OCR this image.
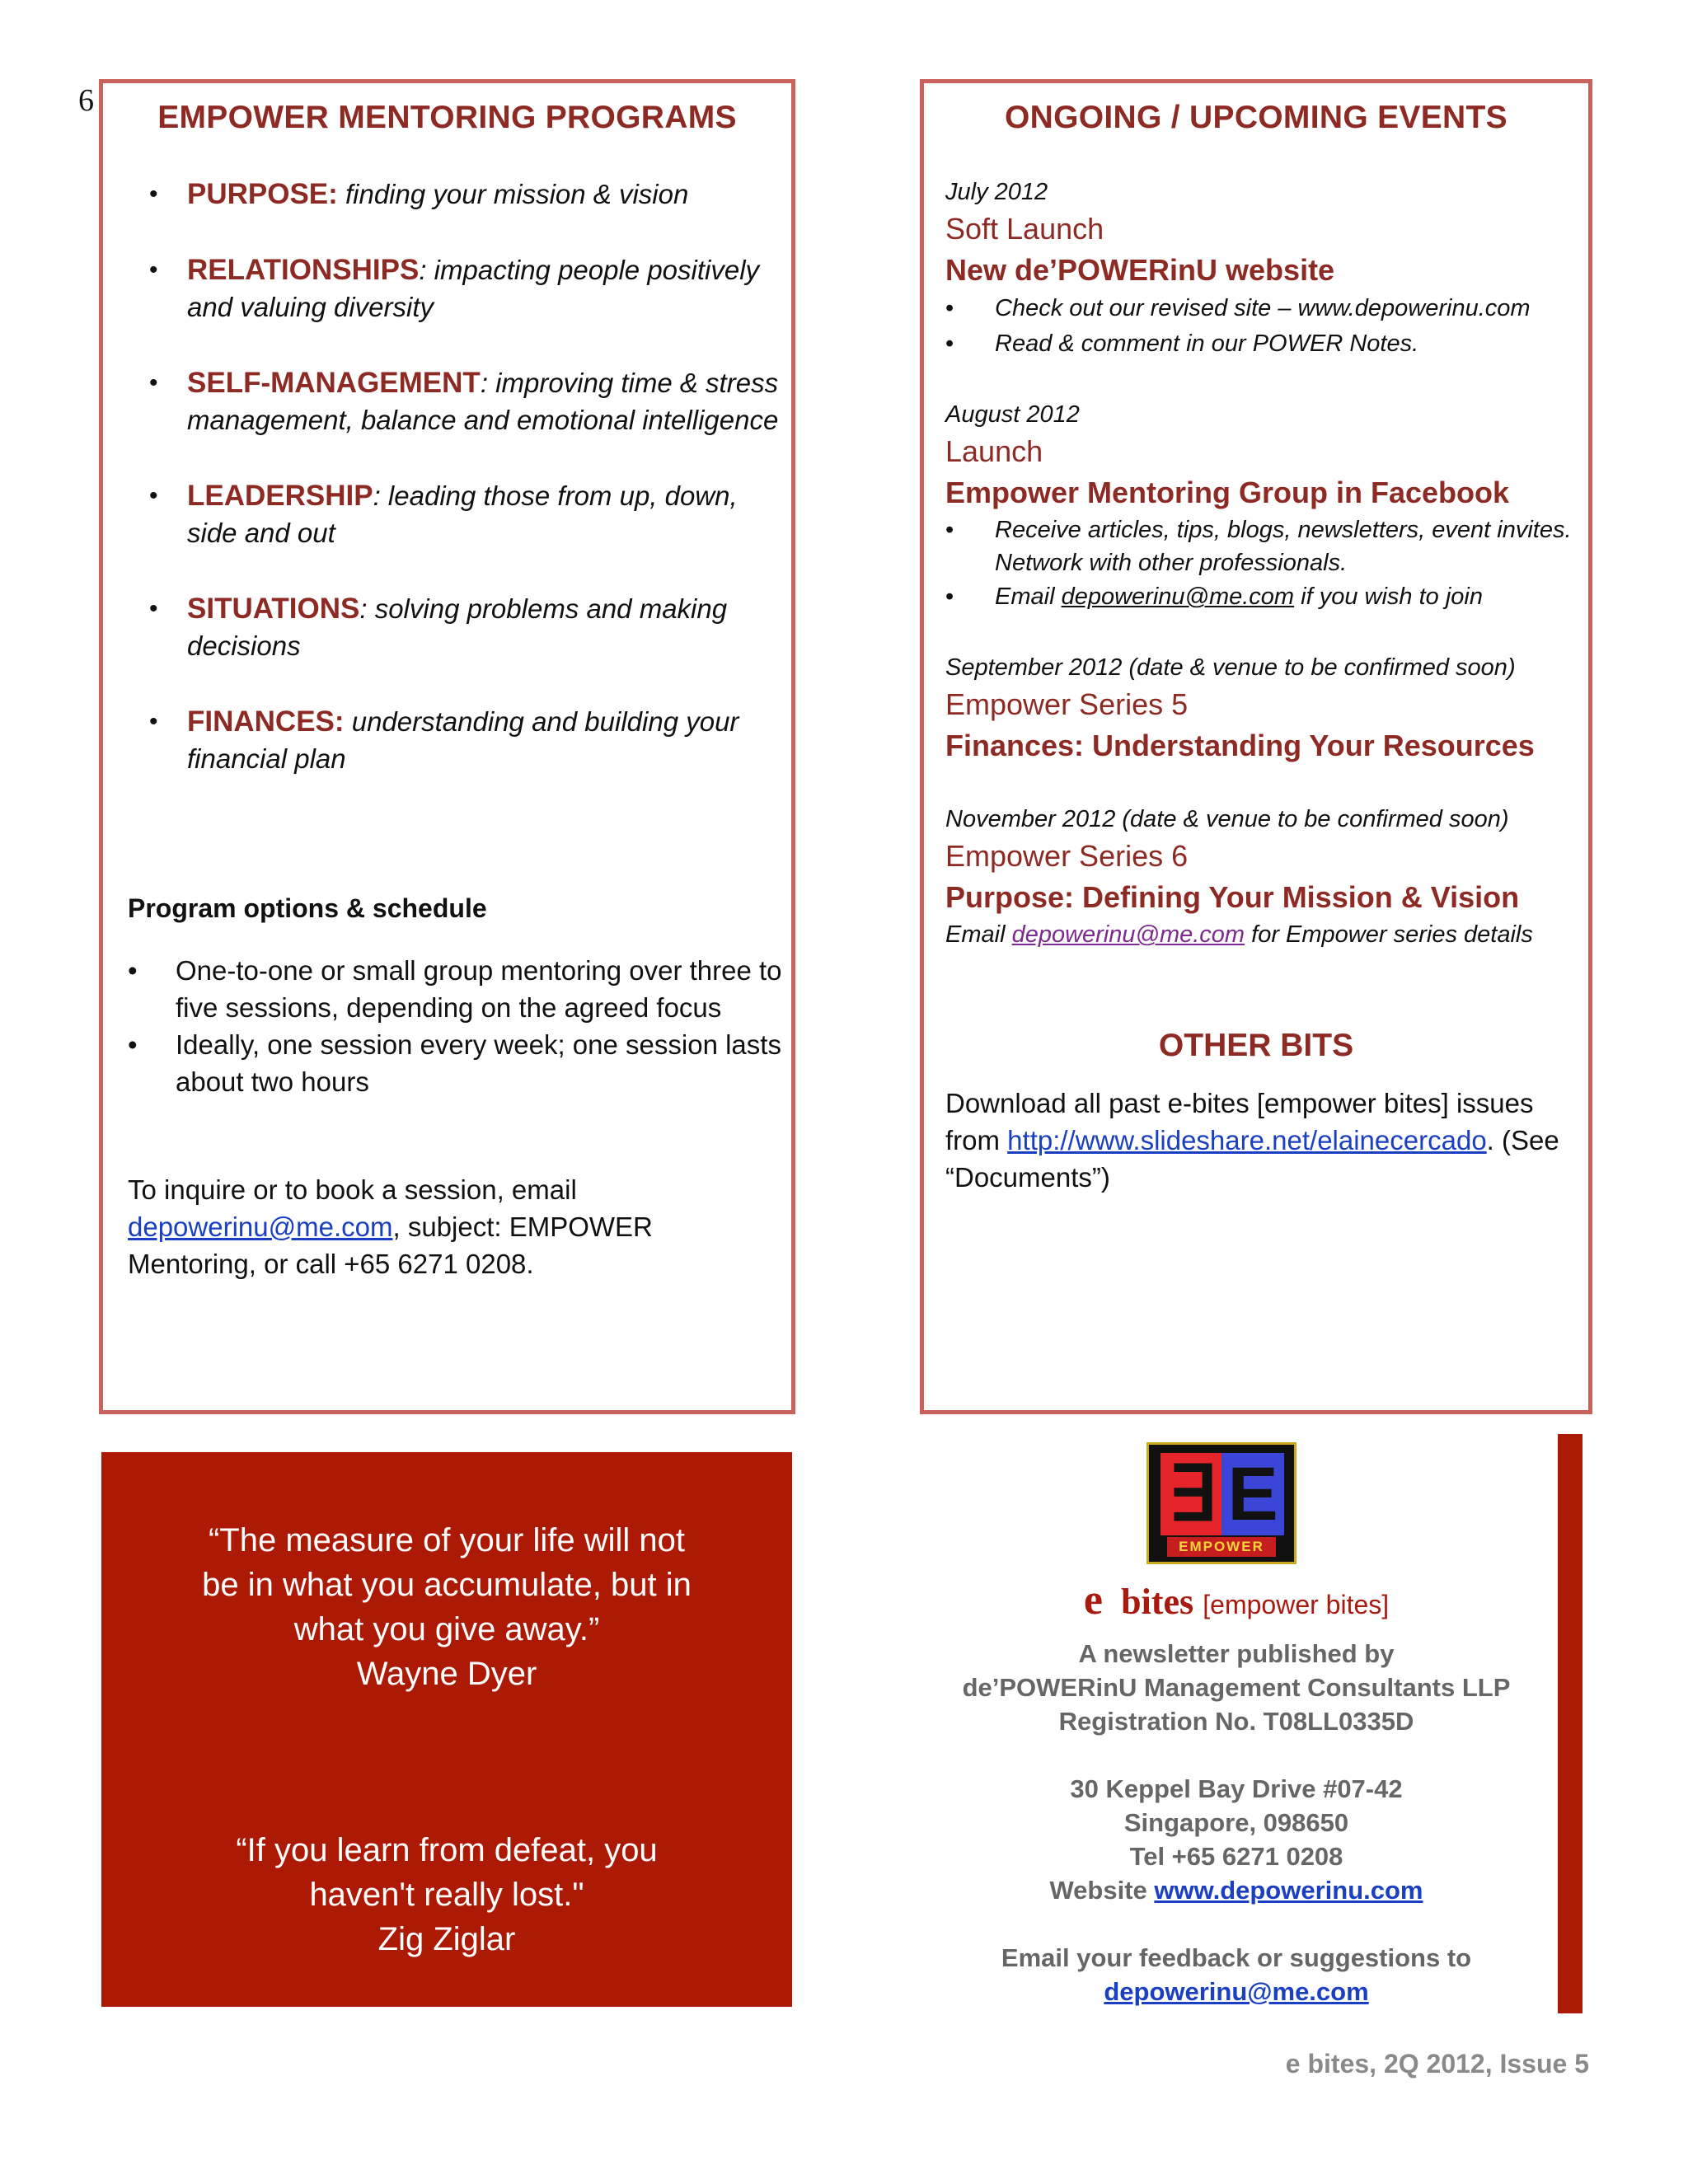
6	EMPOWER MENTORING PROGRAMS
• PURPOSE: finding your mission & vision
• RELATIONSHIPS: impacting people positively and valuing diversity
• SELF-MANAGEMENT: improving time & stress management, balance and emotional intelligence
• LEADERSHIP: leading those from up, down, side and out
• SITUATIONS: solving problems and making decisions
• FINANCES: understanding and building your financial plan
Program options & schedule
• One-to-one or small group mentoring over three to five sessions, depending on the agreed focus
• Ideally, one session every week; one session lasts about two hours
To inquire or to book a session, email depowerinu@me.com, subject: EMPOWER Mentoring, or call +65 6271 0208.
ONGOING / UPCOMING EVENTS
July 2012
Soft Launch
New de’POWERinU website
• Check out our revised site – www.depowerinu.com
• Read & comment in our POWER Notes.
August 2012
Launch
Empower Mentoring Group in Facebook
• Receive articles, tips, blogs, newsletters, event invites. Network with other professionals.
• Email depowerinu@me.com if you wish to join
September 2012 (date & venue to be confirmed soon)
Empower Series 5
Finances: Understanding Your Resources
November 2012 (date & venue to be confirmed soon)
Empower Series 6
Purpose: Defining Your Mission & Vision
Email depowerinu@me.com for Empower series details
OTHER BITS
Download all past e-bites [empower bites] issues from http://www.slideshare.net/elainecercado. (See “Documents”)
“The measure of your life will not be in what you accumulate, but in what you give away.”
Wayne Dyer
“If you learn from defeat, you haven't really lost."
Zig Ziglar
∃ E
EMPOWER
e bites [empower bites]
A newsletter published by
de’POWERinU Management Consultants LLP
Registration No. T08LL0335D
30 Keppel Bay Drive #07-42
Singapore, 098650
Tel +65 6271 0208
Website www.depowerinu.com
Email your feedback or suggestions to
depowerinu@me.com
e bites, 2Q 2012, Issue 5
